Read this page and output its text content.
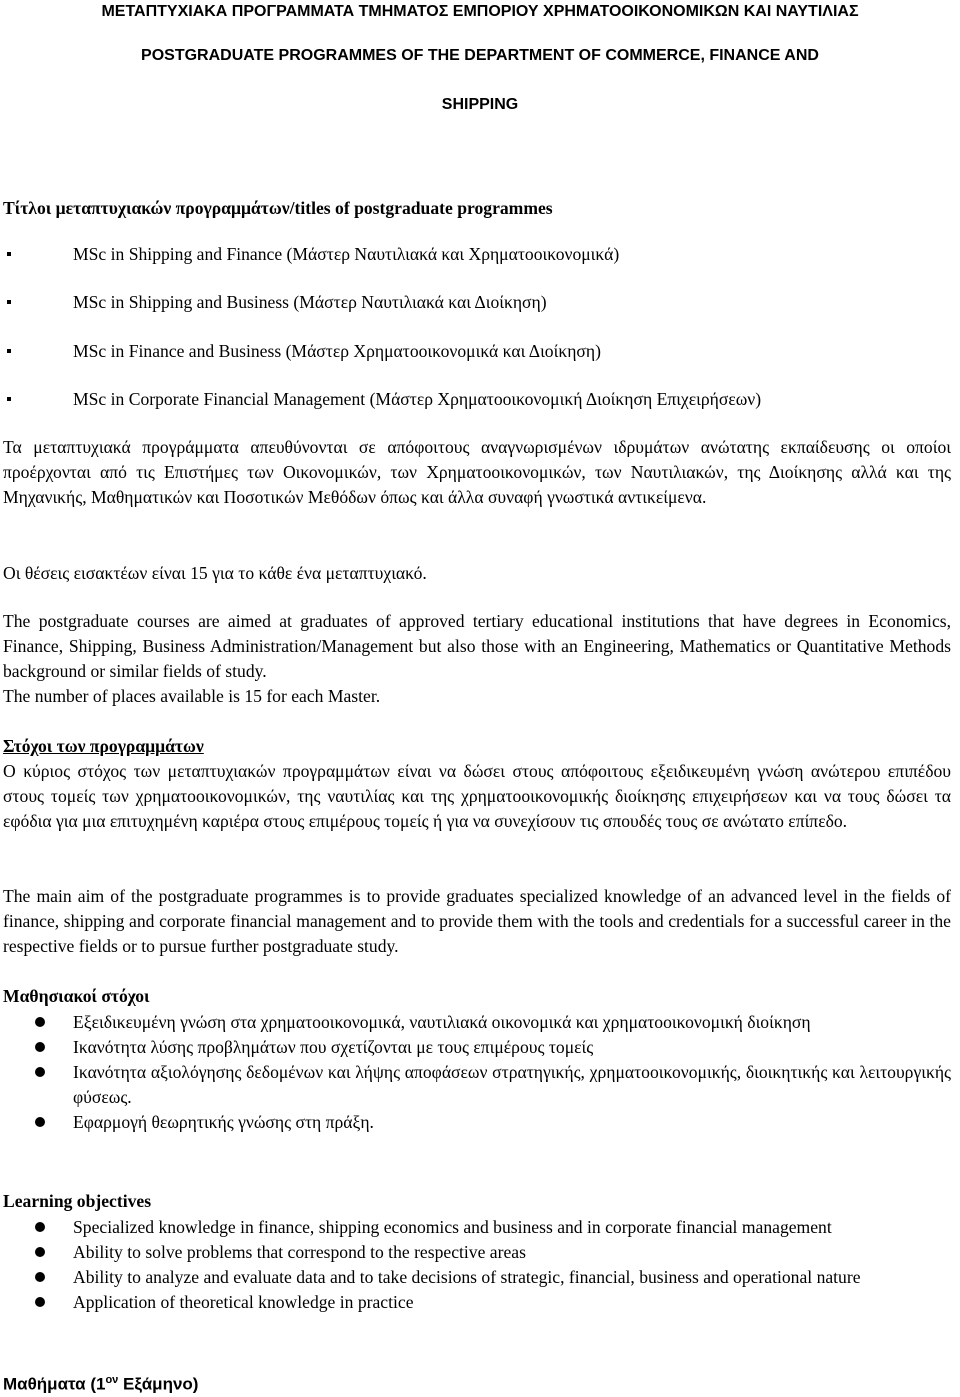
ΜΕΤΑΠΤΥΧΙΑΚΑ ΠΡΟΓΡΑΜΜΑΤΑ ΤΜΗΜΑΤΟΣ ΕΜΠΟΡΙΟΥ ΧΡΗΜΑΤΟΟΙΚΟΝΟΜΙΚΩΝ ΚΑΙ ΝΑΥΤΙΛΙΑΣ
POSTGRADUATE PROGRAMMES OF THE DEPARTMENT OF COMMERCE, FINANCE AND
SHIPPING
Τίτλοι μεταπτυχιακών προγραμμάτων/titles of postgraduate programmes
MSc in Shipping and Finance (Μάστερ Ναυτιλιακά και Χρηματοοικονομικά)
MSc in Shipping and Business (Μάστερ Ναυτιλιακά και Διοίκηση)
MSc in Finance and Business (Μάστερ Χρηματοοικονομικά και Διοίκηση)
MSc in Corporate Financial Management (Μάστερ Χρηματοοικονομική Διοίκηση Επιχειρήσεων)
Τα μεταπτυχιακά προγράμματα απευθύνονται σε απόφοιτους αναγνωρισμένων ιδρυμάτων ανώτατης εκπαίδευσης οι οποίοι προέρχονται από τις Επιστήμες των Οικονομικών, των Χρηματοοικονομικών, των Ναυτιλιακών, της Διοίκησης αλλά και της Μηχανικής, Μαθηματικών και Ποσοτικών Μεθόδων όπως και άλλα συναφή γνωστικά αντικείμενα.
Οι θέσεις εισακτέων είναι 15 για το κάθε ένα μεταπτυχιακό.
The postgraduate courses are aimed at graduates of approved tertiary educational institutions that have degrees in Economics, Finance, Shipping, Business Administration/Management but also those with an Engineering, Mathematics or Quantitative Methods background or similar fields of study.
The number of places available is 15 for each Master.
Στόχοι των προγραμμάτων
Ο κύριος στόχος των μεταπτυχιακών προγραμμάτων είναι να δώσει στους απόφοιτους εξειδικευμένη γνώση ανώτερου επιπέδου στους τομείς των χρηματοοικονομικών, της ναυτιλίας και της χρηματοοικονομικής διοίκησης επιχειρήσεων και να τους δώσει τα εφόδια για μια επιτυχημένη καριέρα στους επιμέρους τομείς ή για να συνεχίσουν τις σπουδές τους σε ανώτατο επίπεδο.
The main aim of the postgraduate programmes is to provide graduates specialized knowledge of an advanced level in the fields of finance, shipping and corporate financial management and to provide them with the tools and credentials for a successful career in the respective fields or to pursue further postgraduate study.
Μαθησιακοί στόχοι
Εξειδικευμένη γνώση στα χρηματοοικονομικά, ναυτιλιακά οικονομικά και χρηματοοικονομική διοίκηση
Ικανότητα λύσης προβλημάτων που σχετίζονται με τους επιμέρους τομείς
Ικανότητα αξιολόγησης δεδομένων και λήψης αποφάσεων στρατηγικής, χρηματοοικονομικής, διοικητικής και λειτουργικής φύσεως.
Εφαρμογή θεωρητικής γνώσης στη πράξη.
Learning objectives
Specialized knowledge in finance, shipping economics and business and in corporate financial management
Ability to solve problems that correspond to the respective areas
Ability to analyze and evaluate data and to take decisions of strategic, financial, business and operational nature
Application of theoretical knowledge in practice
Μαθήματα ($1^{o\nu}$ Εξάμηνο)
